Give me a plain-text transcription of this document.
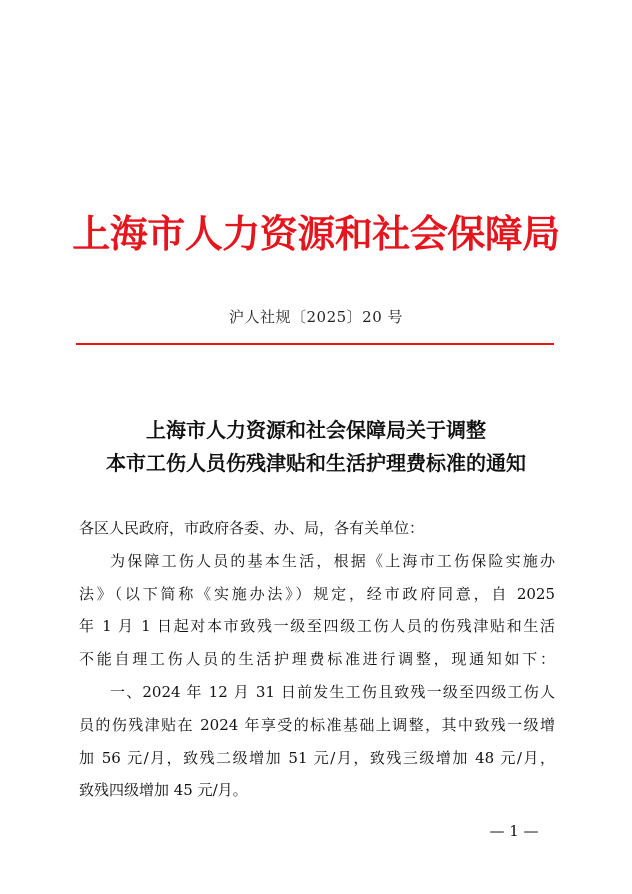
上海市人力资源和社会保障局
沪人社规〔2025〕20 号
上海市人力资源和社会保障局关于调整
本市工伤人员伤残津贴和生活护理费标准的通知
各区人民政府，市政府各委、办、局，各有关单位：
为保障工伤人员的基本生活，根据《上海市工伤保险实施办
法》（以下简称《实施办法》）规定，经市政府同意，自 2025
年 1 月 1 日起对本市致残一级至四级工伤人员的伤残津贴和生活
不能自理工伤人员的生活护理费标准进行调整，现通知如下：
一、2024 年 12 月 31 日前发生工伤且致残一级至四级工伤人
员的伤残津贴在 2024 年享受的标准基础上调整，其中致残一级增
加 56 元/月，致残二级增加 51 元/月，致残三级增加 48 元/月，
致残四级增加 45 元/月。
— 1 —
